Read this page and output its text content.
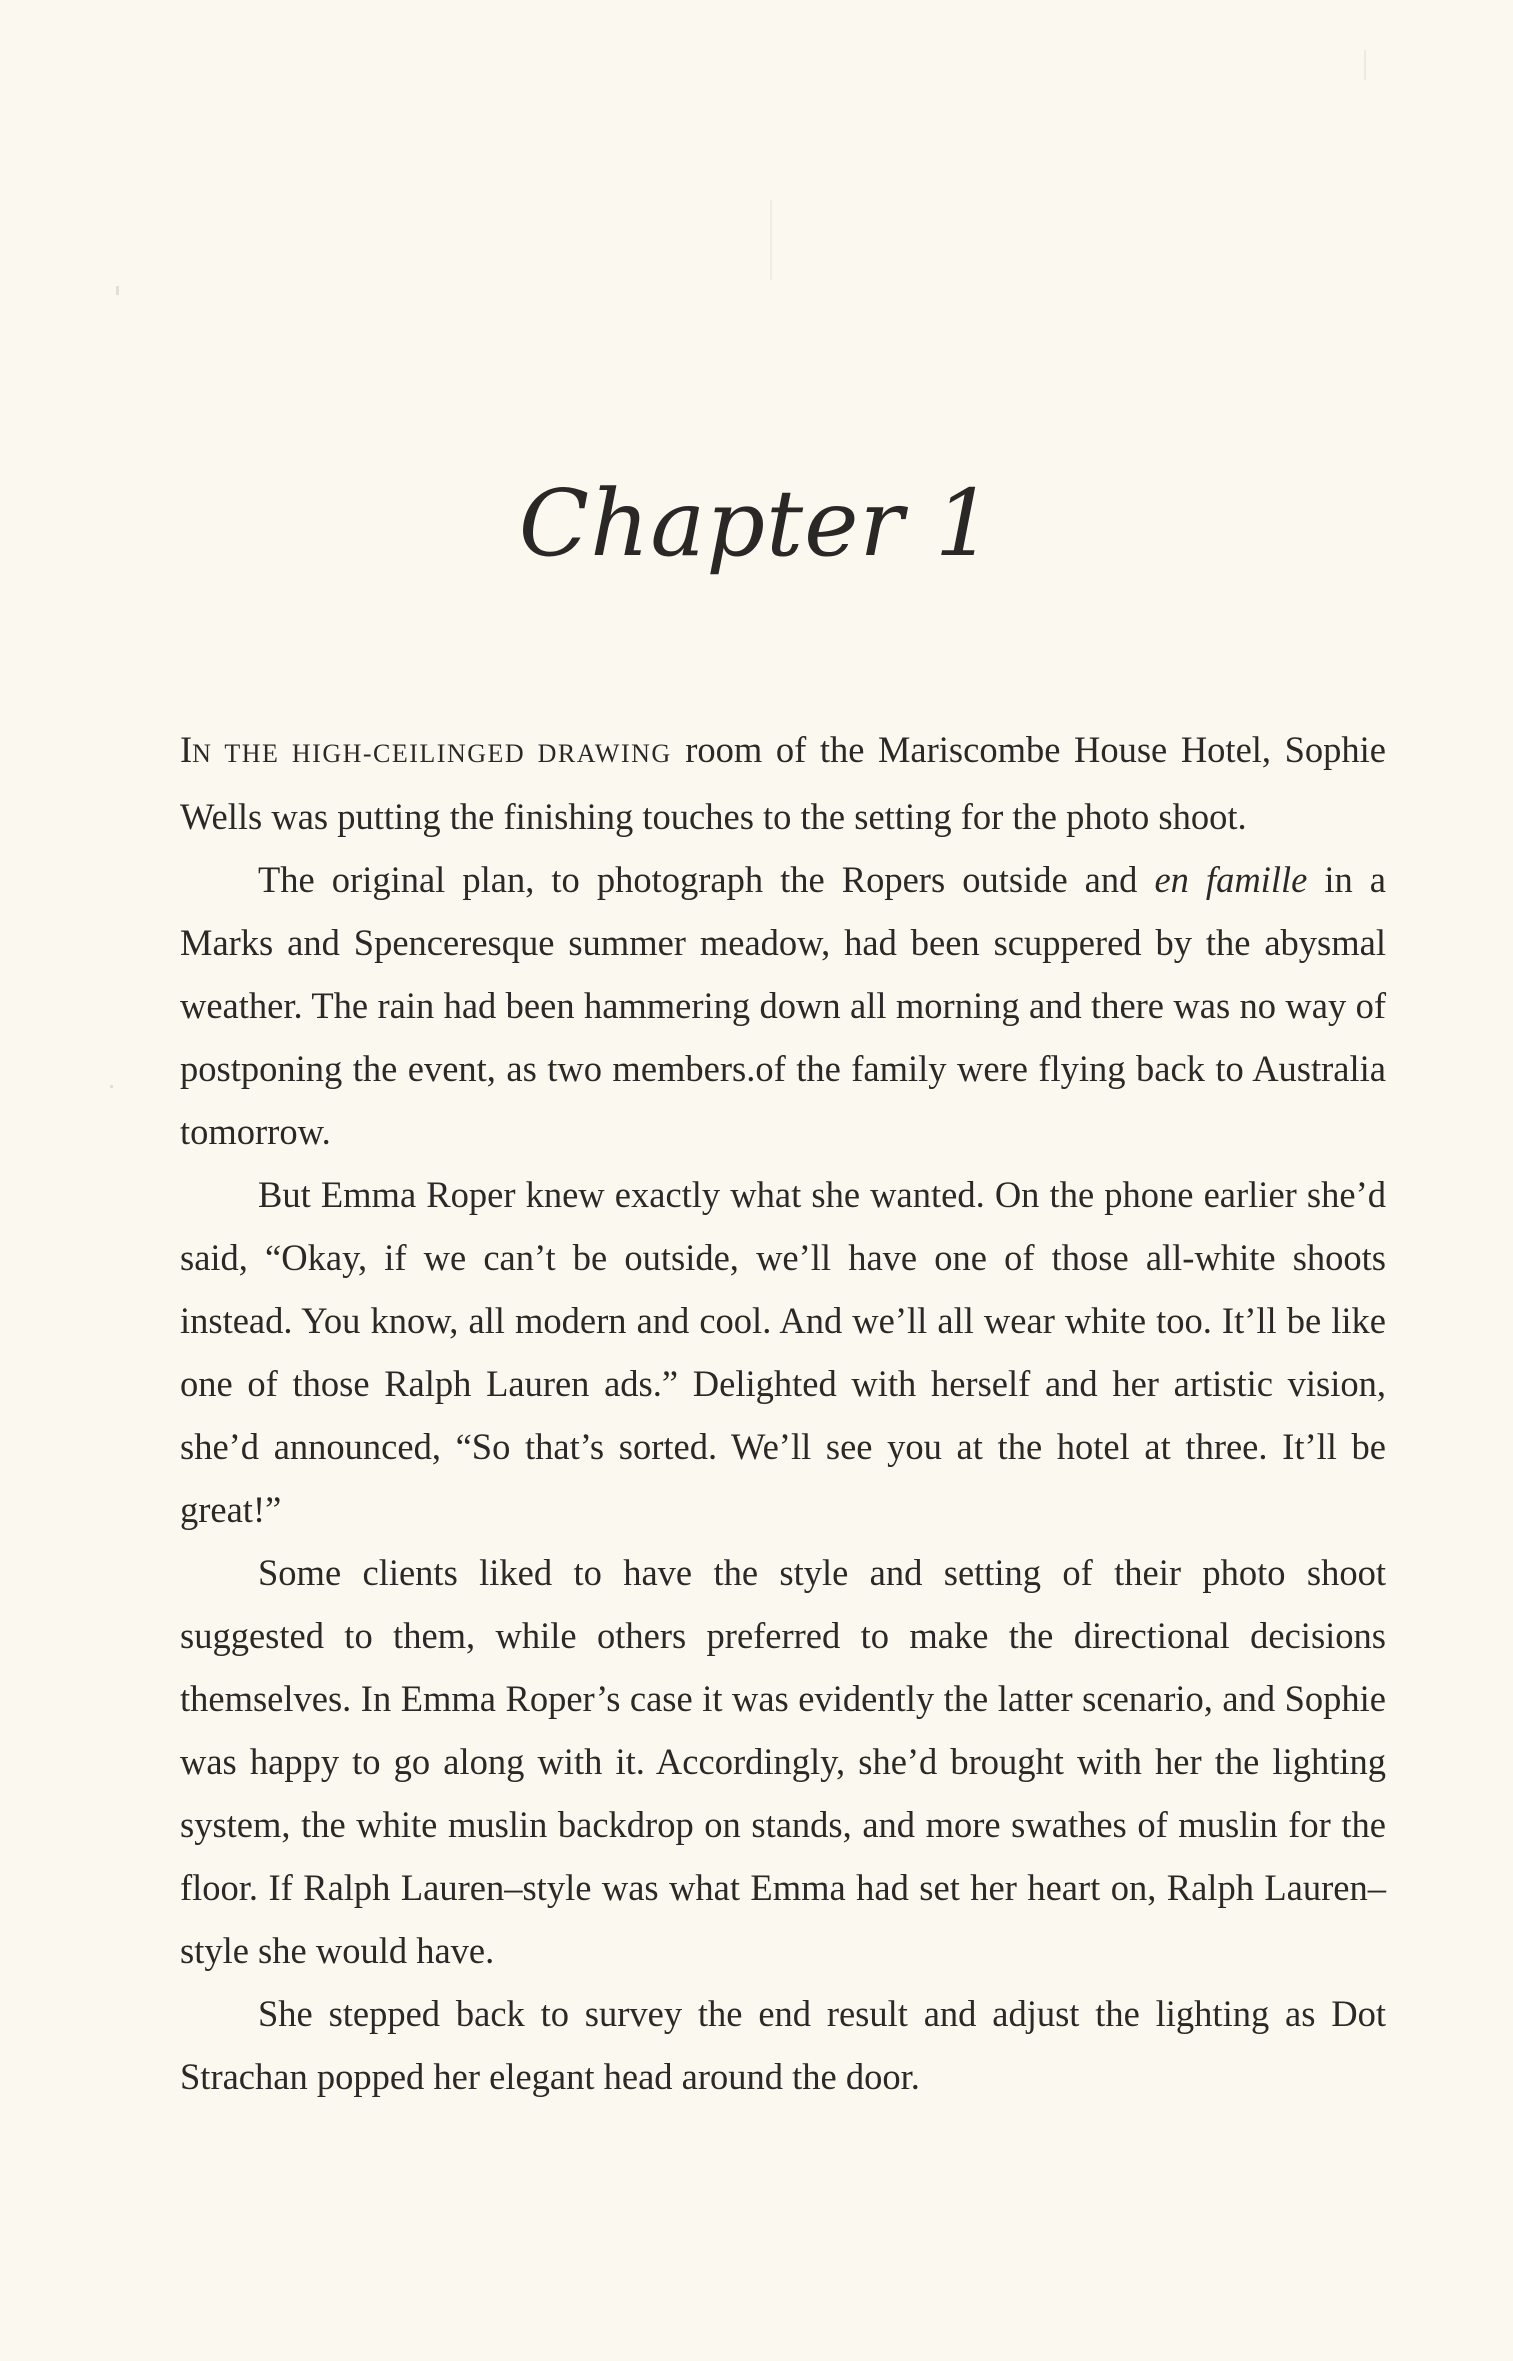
Chapter 1

IN THE HIGH-CEILINGED DRAWING room of the Mariscombe House Hotel, Sophie Wells was putting the finishing touches to the setting for the photo shoot.

The original plan, to photograph the Ropers outside and en famille in a Marks and Spenceresque summer meadow, had been scuppered by the abysmal weather. The rain had been hammering down all morning and there was no way of postponing the event, as two members.of the family were flying back to Australia tomorrow.

But Emma Roper knew exactly what she wanted. On the phone earlier she’d said, “Okay, if we can’t be outside, we’ll have one of those all-white shoots instead. You know, all modern and cool. And we’ll all wear white too. It’ll be like one of those Ralph Lauren ads.” Delighted with herself and her artistic vision, she’d announced, “So that’s sorted. We’ll see you at the hotel at three. It’ll be great!”

Some clients liked to have the style and setting of their photo shoot suggested to them, while others preferred to make the directional decisions themselves. In Emma Roper’s case it was evidently the latter scenario, and Sophie was happy to go along with it. Accordingly, she’d brought with her the lighting system, the white muslin backdrop on stands, and more swathes of muslin for the floor. If Ralph Lauren–style was what Emma had set her heart on, Ralph Lauren–style she would have.

She stepped back to survey the end result and adjust the lighting as Dot Strachan popped her elegant head around the door.
